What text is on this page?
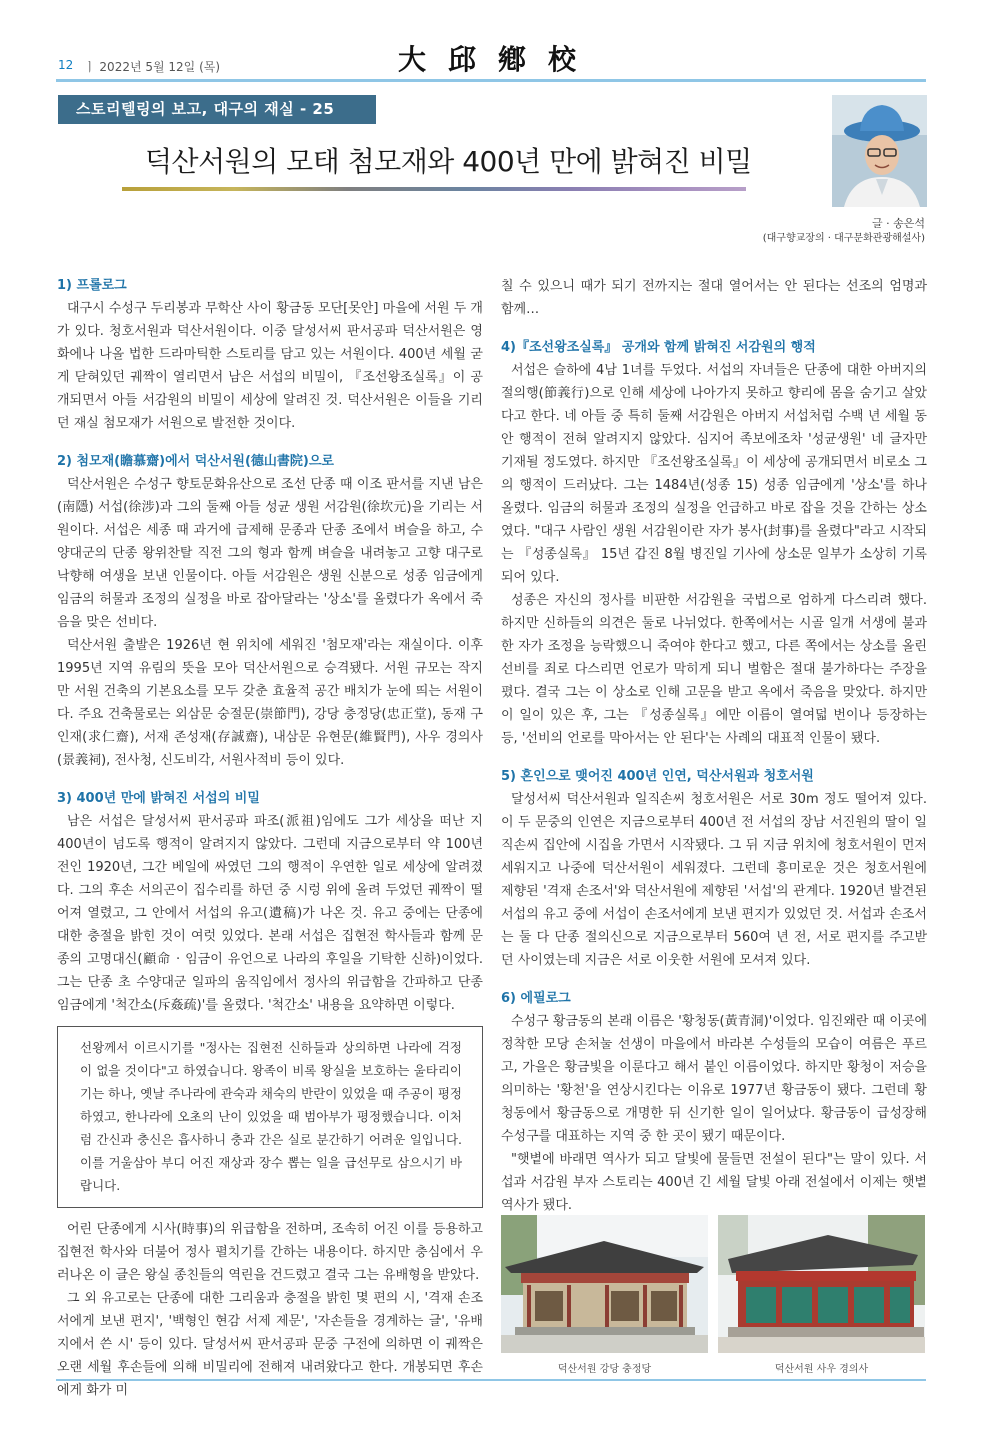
12 ㅣ 2022년 5월 12일 (목)	大邱鄕校
스토리텔링의 보고, 대구의 재실 - 25
덕산서원의 모태 첨모재와 400년 만에 밝혀진 비밀
글 · 송은석
(대구향교장의 · 대구문화관광해설사)
1) 프롤로그

대구시 수성구 두리봉과 무학산 사이 황금동 모단[못안] 마을에 서원 두 개가 있다. 청호서원과 덕산서원이다. 이중 달성서씨 판서공파 덕산서원은 영화에나 나올 법한 드라마틱한 스토리를 담고 있는 서원이다. 400년 세월 굳게 닫혀있던 궤짝이 열리면서 남은 서섭의 비밀이, 『조선왕조실록』이 공개되면서 아들 서감원의 비밀이 세상에 알려진 것. 덕산서원은 이들을 기리던 재실 첨모재가 서원으로 발전한 것이다.

2) 첨모재(瞻慕齋)에서 덕산서원(德山書院)으로

덕산서원은 수성구 향토문화유산으로 조선 단종 때 이조 판서를 지낸 남은(南隱) 서섭(徐涉)과 그의 둘째 아들 성균 생원 서감원(徐坎元)을 기리는 서원이다. 서섭은 세종 때 과거에 급제해 문종과 단종 조에서 벼슬을 하고, 수양대군의 단종 왕위찬탈 직전 그의 형과 함께 벼슬을 내려놓고 고향 대구로 낙향해 여생을 보낸 인물이다. 아들 서감원은 생원 신분으로 성종 임금에게 임금의 허물과 조정의 실정을 바로 잡아달라는 '상소'를 올렸다가 옥에서 죽음을 맞은 선비다.

덕산서원 출발은 1926년 현 위치에 세워진 '첨모재'라는 재실이다. 이후 1995년 지역 유림의 뜻을 모아 덕산서원으로 승격됐다. 서원 규모는 작지만 서원 건축의 기본요소를 모두 갖춘 효율적 공간 배치가 눈에 띄는 서원이다. 주요 건축물로는 외삼문 숭절문(崇節門), 강당 충정당(忠正堂), 동재 구인재(求仁齋), 서재 존성재(存誠齋), 내삼문 유현문(維賢門), 사우 경의사(景義祠), 전사청, 신도비각, 서원사적비 등이 있다.

3) 400년 만에 밝혀진 서섭의 비밀

남은 서섭은 달성서씨 판서공파 파조(派祖)임에도 그가 세상을 떠난 지 400년이 넘도록 행적이 알려지지 않았다. 그런데 지금으로부터 약 100년 전인 1920년, 그간 베일에 싸였던 그의 행적이 우연한 일로 세상에 알려졌다. 그의 후손 서의곤이 집수리를 하던 중 시렁 위에 올려 두었던 궤짝이 떨어져 열렸고, 그 안에서 서섭의 유고(遺稿)가 나온 것. 유고 중에는 단종에 대한 충절을 밝힌 것이 여럿 있었다. 본래 서섭은 집현전 학사들과 함께 문종의 고명대신(顧命 · 임금이 유언으로 나라의 후일을 기탁한 신하)이었다. 그는 단종 초 수양대군 일파의 움직임에서 정사의 위급함을 간파하고 단종 임금에게 '척간소(斥姦疏)'를 올렸다. '척간소' 내용을 요약하면 이렇다.

선왕께서 이르시기를 "정사는 집현전 신하들과 상의하면 나라에 걱정이 없을 것이다"고 하였습니다. 왕족이 비록 왕실을 보호하는 울타리이기는 하나, 옛날 주나라에 관숙과 채숙의 반란이 있었을 때 주공이 평정하였고, 한나라에 오초의 난이 있었을 때 범아부가 평정했습니다. 이처럼 간신과 충신은 흡사하니 충과 간은 실로 분간하기 어려운 일입니다. 이를 거울삼아 부디 어진 재상과 장수 뽑는 일을 급선무로 삼으시기 바랍니다.

어린 단종에게 시사(時事)의 위급함을 전하며, 조속히 어진 이를 등용하고 집현전 학사와 더불어 정사 펼치기를 간하는 내용이다. 하지만 충심에서 우러나온 이 글은 왕실 종친들의 역린을 건드렸고 결국 그는 유배형을 받았다.

그 외 유고로는 단종에 대한 그리움과 충절을 밝힌 몇 편의 시, '격재 손조서에게 보낸 편지', '백형인 현감 서제 제문', '자손들을 경계하는 글', '유배지에서 쓴 시' 등이 있다. 달성서씨 판서공파 문중 구전에 의하면 이 궤짝은 오랜 세월 후손들에 의해 비밀리에 전해져 내려왔다고 한다. 개봉되면 후손에게 화가 미

칠 수 있으니 때가 되기 전까지는 절대 열어서는 안 된다는 선조의 엄명과 함께…

4)『조선왕조실록』 공개와 함께 밝혀진 서감원의 행적

서섭은 슬하에 4남 1녀를 두었다. 서섭의 자녀들은 단종에 대한 아버지의 절의행(節義行)으로 인해 세상에 나아가지 못하고 향리에 몸을 숨기고 살았다고 한다. 네 아들 중 특히 둘째 서감원은 아버지 서섭처럼 수백 년 세월 동안 행적이 전혀 알려지지 않았다. 심지어 족보에조차 '성균생원' 네 글자만 기재될 정도였다. 하지만 『조선왕조실록』이 세상에 공개되면서 비로소 그의 행적이 드러났다. 그는 1484년(성종 15) 성종 임금에게 '상소'를 하나 올렸다. 임금의 허물과 조정의 실정을 언급하고 바로 잡을 것을 간하는 상소였다. "대구 사람인 생원 서감원이란 자가 봉사(封事)를 올렸다"라고 시작되는 『성종실록』 15년 갑진 8월 병진일 기사에 상소문 일부가 소상히 기록되어 있다.

성종은 자신의 정사를 비판한 서감원을 국법으로 엄하게 다스리려 했다. 하지만 신하들의 의견은 둘로 나뉘었다. 한쪽에서는 시골 일개 서생에 불과한 자가 조정을 능락했으니 죽여야 한다고 했고, 다른 쪽에서는 상소를 올린 선비를 죄로 다스리면 언로가 막히게 되니 벌함은 절대 불가하다는 주장을 폈다. 결국 그는 이 상소로 인해 고문을 받고 옥에서 죽음을 맞았다. 하지만 이 일이 있은 후, 그는 『성종실록』에만 이름이 열여덟 번이나 등장하는 등, '선비의 언로를 막아서는 안 된다'는 사례의 대표적 인물이 됐다.

5) 혼인으로 맺어진 400년 인연, 덕산서원과 청호서원

달성서씨 덕산서원과 일직손씨 청호서원은 서로 30m 정도 떨어져 있다. 이 두 문중의 인연은 지금으로부터 400년 전 서섭의 장남 서진원의 딸이 일직손씨 집안에 시집을 가면서 시작됐다. 그 뒤 지금 위치에 청호서원이 먼저 세워지고 나중에 덕산서원이 세워졌다. 그런데 흥미로운 것은 청호서원에 제향된 '격재 손조서'와 덕산서원에 제향된 '서섭'의 관계다. 1920년 발견된 서섭의 유고 중에 서섭이 손조서에게 보낸 편지가 있었던 것. 서섭과 손조서는 둘 다 단종 절의신으로 지금으로부터 560여 년 전, 서로 편지를 주고받던 사이였는데 지금은 서로 이웃한 서원에 모셔져 있다.

6) 에필로그

수성구 황금동의 본래 이름은 '황청동(黃青洞)'이었다. 임진왜란 때 이곳에 정착한 모당 손처눌 선생이 마을에서 바라본 수성들의 모습이 여름은 푸르고, 가을은 황금빛을 이룬다고 해서 붙인 이름이었다. 하지만 황청이 저승을 의미하는 '황천'을 연상시킨다는 이유로 1977년 황금동이 됐다. 그런데 황청동에서 황금동으로 개명한 뒤 신기한 일이 일어났다. 황금동이 급성장해 수성구를 대표하는 지역 중 한 곳이 됐기 때문이다.

"햇볕에 바래면 역사가 되고 달빛에 물들면 전설이 된다"는 말이 있다. 서섭과 서감원 부자 스토리는 400년 긴 세월 달빛 아래 전설에서 이제는 햇볕 역사가 됐다.

덕산서원 강당 충정당	덕산서원 사우 경의사
